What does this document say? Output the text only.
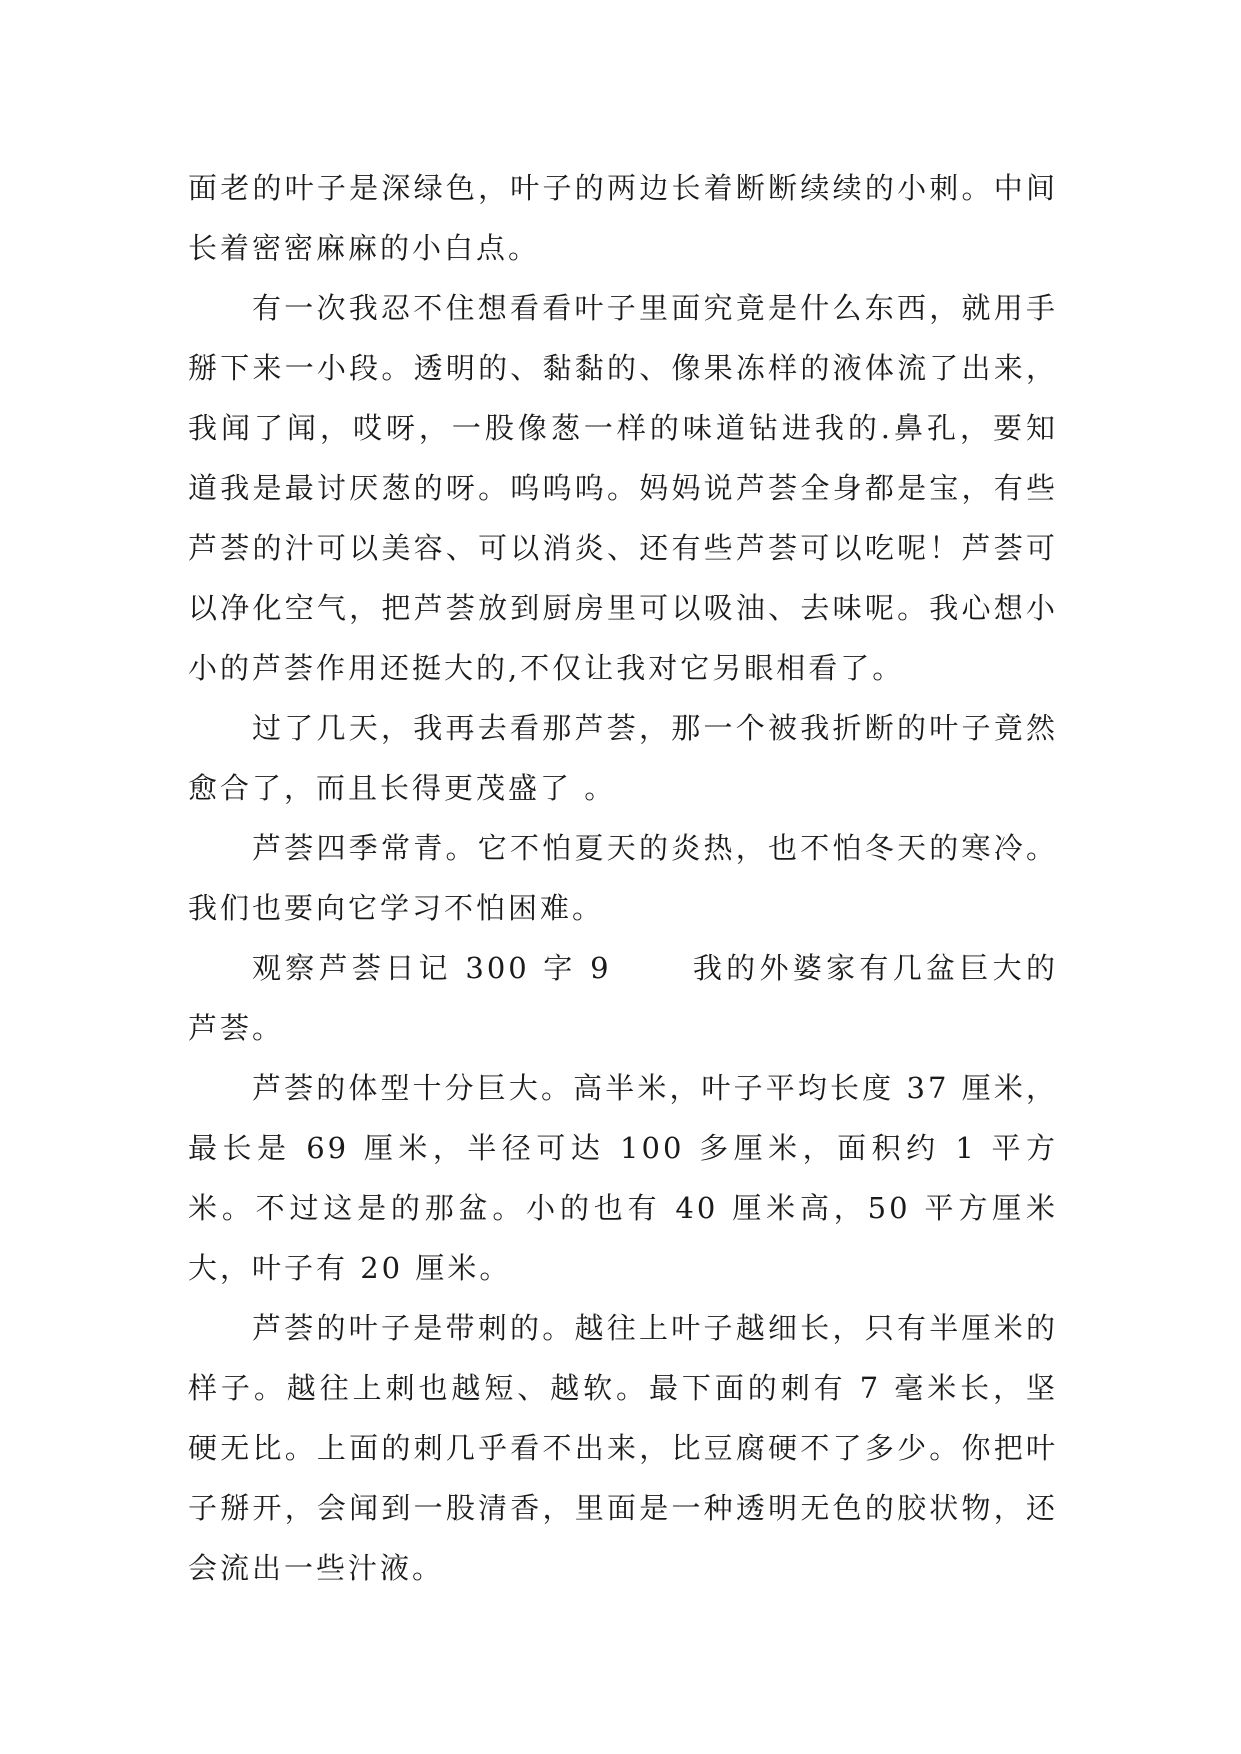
面老的叶子是深绿色，叶子的两边长着断断续续的小刺。中间长着密密麻麻的小白点。

有一次我忍不住想看看叶子里面究竟是什么东西，就用手掰下来一小段。透明的、黏黏的、像果冻样的液体流了出来，我闻了闻，哎呀，一股像葱一样的味道钻进我的.鼻孔，要知道我是最讨厌葱的呀。呜呜呜。妈妈说芦荟全身都是宝，有些芦荟的汁可以美容、可以消炎、还有些芦荟可以吃呢！芦荟可以净化空气，把芦荟放到厨房里可以吸油、去味呢。我心想小小的芦荟作用还挺大的,不仅让我对它另眼相看了。

过了几天，我再去看那芦荟，那一个被我折断的叶子竟然愈合了，而且长得更茂盛了 。

芦荟四季常青。它不怕夏天的炎热，也不怕冬天的寒冷。我们也要向它学习不怕困难。

观察芦荟日记 300 字 9	我的外婆家有几盆巨大的芦荟。

芦荟的体型十分巨大。高半米，叶子平均长度 37 厘米，最长是 69 厘米，半径可达 100 多厘米，面积约 1 平方米。不过这是的那盆。小的也有 40 厘米高，50 平方厘米大，叶子有 20 厘米。

芦荟的叶子是带刺的。越往上叶子越细长，只有半厘米的样子。越往上刺也越短、越软。最下面的刺有 7 毫米长，坚硬无比。上面的刺几乎看不出来，比豆腐硬不了多少。你把叶子掰开，会闻到一股清香，里面是一种透明无色的胶状物，还会流出一些汁液。
